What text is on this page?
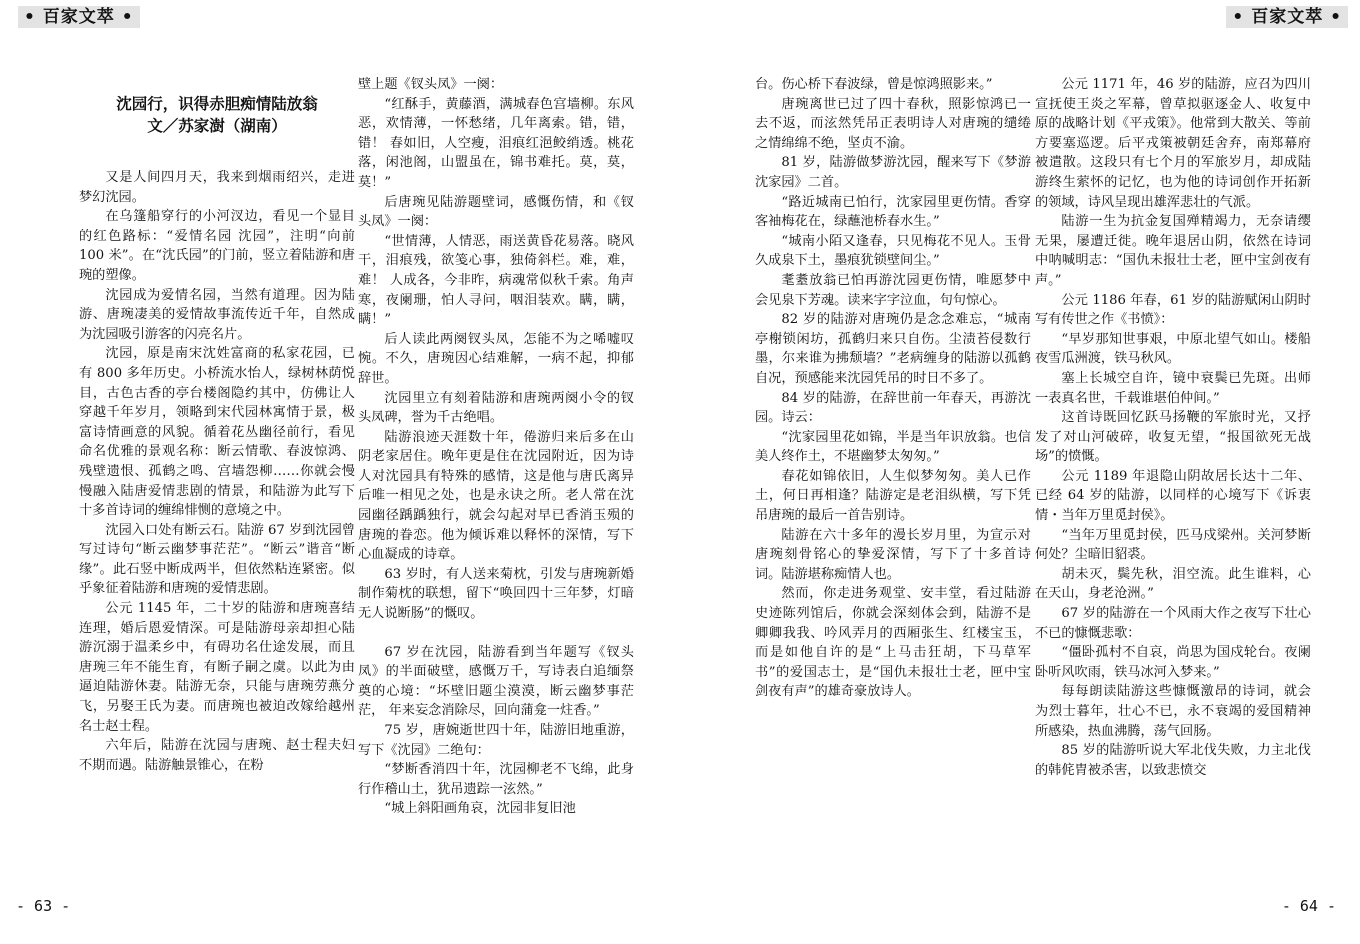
• 百家文萃 •	• 百家文萃 •
沈园行，识得赤胆痴情陆放翁
文／苏家澍（湖南）

又是人间四月天，我来到烟雨绍兴，走进梦幻沈园。

在乌篷船穿行的小河汊边，看见一个显目的红色路标：“爱情名园 沈园”，注明“向前 100 米”。在“沈氏园”的门前，竖立着陆游和唐琬的塑像。

沈园成为爱情名园，当然有道理。因为陆游、唐琬凄美的爱情故事流传近千年，自然成为沈园吸引游客的闪亮名片。

沈园，原是南宋沈姓富商的私家花园，已有 800 多年历史。小桥流水怡人，绿树林荫悦目，古色古香的亭台楼阁隐约其中，仿佛让人穿越千年岁月，领略到宋代园林寓情于景，极富诗情画意的风貌。循着花丛幽径前行，看见命名优雅的景观名称：断云情歌、春波惊鸿、残壁遗恨、孤鹤之鸣、宫墙怨柳……你就会慢慢融入陆唐爱情悲剧的情景，和陆游为此写下十多首诗词的缠绵悱恻的意境之中。

沈园入口处有断云石。陆游 67 岁到沈园曾写过诗句“断云幽梦事茫茫”。“断云”谐音“断缘”。此石竖中断成两半，但依然粘连紧密。似乎象征着陆游和唐琬的爱情悲剧。

公元 1145 年，二十岁的陆游和唐琬喜结连理，婚后恩爱情深。可是陆游母亲却担心陆游沉溺于温柔乡中，有碍功名仕途发展，而且唐琬三年不能生育，有断子嗣之虞。以此为由逼迫陆游休妻。陆游无奈，只能与唐琬劳燕分飞，另娶王氏为妻。而唐琬也被迫改嫁给越州名士赵士程。

六年后，陆游在沈园与唐琬、赵士程夫妇不期而遇。陆游触景锥心，在粉

壁上题《钗头凤》一阕：

“红酥手，黄藤酒，满城春色宫墙柳。东风恶，欢情薄，一怀愁绪，几年离索。错，错，错！ 春如旧，人空瘦，泪痕红浥鲛绡透。桃花落，闲池阁，山盟虽在，锦书难托。莫，莫，莫！”

后唐琬见陆游题壁词，感慨伤情，和《钗头凤》一阕：

“世情薄，人情恶，雨送黄昏花易落。晓风干，泪痕残，欲笺心事，独倚斜栏。难，难，难！ 人成各，今非昨，病魂常似秋千索。角声寒，夜阑珊，怕人寻问，咽泪装欢。瞒，瞒，瞒！”

后人读此两阕钗头凤，怎能不为之唏嘘叹惋。不久，唐琬因心结难解，一病不起，抑郁辞世。

沈园里立有刻着陆游和唐琬两阕小令的钗头凤碑，誉为千古绝唱。

陆游浪迹天涯数十年，倦游归来后多在山阴老家居住。晚年更是住在沈园附近，因为诗人对沈园具有特殊的感情，这是他与唐氏离异后唯一相见之处，也是永诀之所。老人常在沈园幽径踽踽独行，就会勾起对早已香消玉殒的唐琬的眷恋。他为倾诉难以释怀的深情，写下心血凝成的诗章。

63 岁时，有人送来菊枕，引发与唐琬新婚制作菊枕的联想，留下“唤回四十三年梦，灯暗无人说断肠”的慨叹。

67 岁在沈园，陆游看到当年题写《钗头凤》的半面破壁，感慨万千，写诗表白追缅祭奠的心境：“坏壁旧题尘漠漠，断云幽梦事茫茫， 年来妄念消除尽，回向蒲龛一炷香。”

75 岁，唐婉逝世四十年，陆游旧地重游，写下《沈园》二绝句：

“梦断香消四十年，沈园柳老不飞绵，此身行作稽山土，犹吊遗踪一泫然。”

“城上斜阳画角哀，沈园非复旧池

台。伤心桥下春波绿，曾是惊鸿照影来。”

唐琬离世已过了四十春秋，照影惊鸿已一去不返，而泫然凭吊正表明诗人对唐琬的缱绻之情绵绵不绝，坚贞不渝。

81 岁，陆游做梦游沈园，醒来写下《梦游沈家园》二首。

“路近城南已怕行，沈家园里更伤情。香穿客袖梅花在，绿蘸池桥春水生。”

“城南小陌又逢春，只见梅花不见人。玉骨久成泉下土，墨痕犹锁壁间尘。”

耄耋放翁已怕再游沈园更伤情，唯愿梦中会见泉下芳魂。读来字字泣血，句句惊心。

82 岁的陆游对唐琬仍是念念难忘，“城南亭榭锁闲坊，孤鹤归来只自伤。尘渍苔侵数行墨，尔来谁为拂颓墙？”老病缠身的陆游以孤鹤自况，预感能来沈园凭吊的时日不多了。

84 岁的陆游，在辞世前一年春天，再游沈园。诗云：

“沈家园里花如锦，半是当年识放翁。也信美人终作土，不堪幽梦太匆匆。”

春花如锦依旧，人生似梦匆匆。美人已作土，何日再相逢？陆游定是老泪纵横，写下凭吊唐琬的最后一首告别诗。

陆游在六十多年的漫长岁月里，为宣示对唐琬刻骨铭心的挚爱深情，写下了十多首诗词。陆游堪称痴情人也。

然而，你走进务观堂、安丰堂，看过陆游史迹陈列馆后，你就会深刻体会到，陆游不是卿卿我我、吟风弄月的西厢张生、红楼宝玉，而是如他自许的是“上马击狂胡，下马草军书”的爱国志士，是“国仇未报壮士老，匣中宝剑夜有声”的雄奇豪放诗人。

公元 1171 年，46 岁的陆游，应召为四川宣抚使王炎之军幕，曾草拟驱逐金人、收复中原的战略计划《平戎策》。他常到大散关、等前方要塞巡逻。后平戎策被朝廷舍弃，南郑幕府被遣散。这段只有七个月的军旅岁月，却成陆游终生萦怀的记忆，也为他的诗词创作开拓新的领域，诗风呈现出雄浑悲壮的气派。

陆游一生为抗金复国殚精竭力，无奈请缨无果，屡遭迁徙。晚年退居山阴，依然在诗词中呐喊明志：“国仇未报壮士老，匣中宝剑夜有声。”

公元 1186 年春，61 岁的陆游赋闲山阴时写有传世之作《书愤》：

“早岁那知世事艰，中原北望气如山。楼船夜雪瓜洲渡，铁马秋风。

塞上长城空自许，镜中衰鬓已先斑。出师一表真名世，千载谁堪伯仲间。”

这首诗既回忆跃马扬鞭的军旅时光，又抒发了对山河破碎，收复无望，“报国欲死无战场”的愤慨。

公元 1189 年退隐山阴故居长达十二年、已经 64 岁的陆游，以同样的心境写下《诉衷情・当年万里觅封侯》。

“当年万里觅封侯，匹马戍梁州。关河梦断何处？尘暗旧貂裘。

胡未灭，鬓先秋，泪空流。此生谁料，心在天山，身老沧洲。”

67 岁的陆游在一个风雨大作之夜写下壮心不已的慷慨悲歌：

“僵卧孤村不自哀，尚思为国戍轮台。夜阑卧听风吹雨，铁马冰河入梦来。”

每每朗读陆游这些慷慨激昂的诗词，就会为烈士暮年，壮心不已，永不衰竭的爱国精神所感染，热血沸腾，荡气回肠。

85 岁的陆游听说大军北伐失败，力主北伐的韩侂胄被杀害，以致悲愤交

- 63 -	- 64 -
